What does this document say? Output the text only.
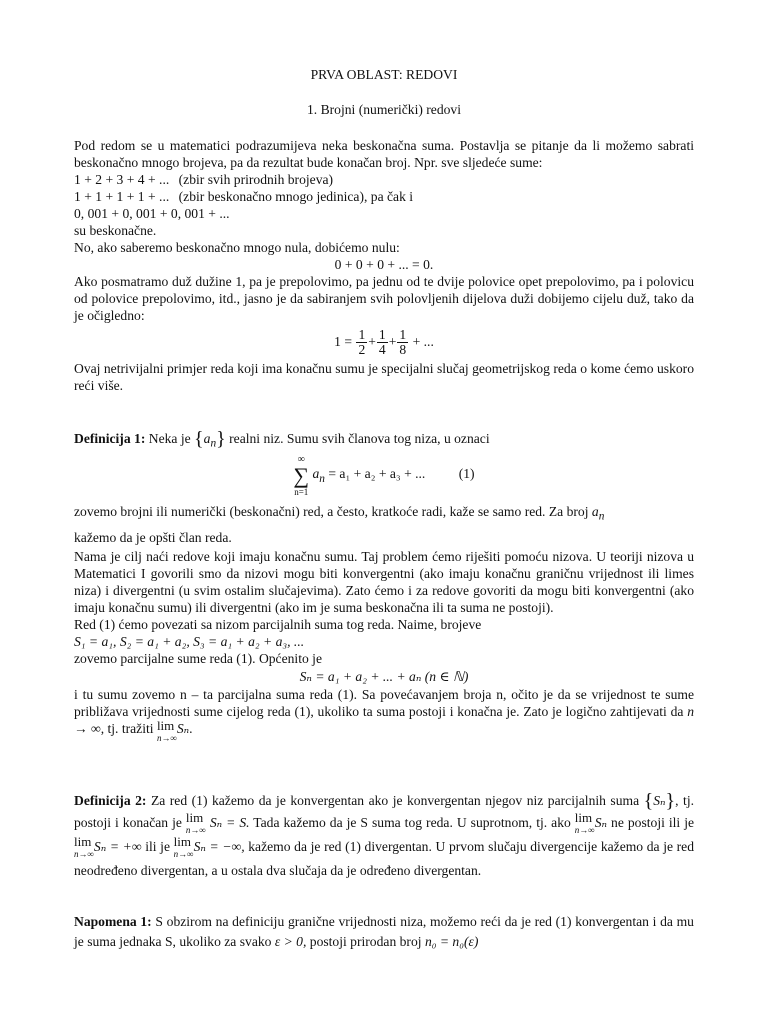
PRVA OBLAST: REDOVI
1. Brojni (numerički) redovi

Pod redom se u matematici podrazumijeva neka beskonačna suma. Postavlja se pitanje da li možemo sabrati beskonačno mnogo brojeva, pa da rezultat bude konačan broj. Npr. sve sljedeće sume:

1 + 2 + 3 + 4 + ... (zbir svih prirodnih brojeva)
1 + 1 + 1 + 1 + ... (zbir beskonačno mnogo jedinica), pa čak i
0, 001 + 0, 001 + 0, 001 + ...
su beskonačne.
No, ako saberemo beskonačno mnogo nula, dobićemo nulu:
0 + 0 + 0 + ... = 0.

Ako posmatramo duž dužine 1, pa je prepolovimo, pa jednu od te dvije polovice opet prepolovimo, pa i polovicu od polovice prepolovimo, itd., jasno je da sabiranjem svih polovljenih dijelova duži dobijemo cijelu duž, tako da je očigledno:

$1 = \frac{1}{2} + \frac{1}{4} + \frac{1}{8}$ + ...

Ovaj netrivijalni primjer reda koji ima konačnu sumu je specijalni slučaj geometrijskog reda o kome ćemo uskoro reći više.

Definicija 1: Neka je $\{a_n\}$ realni niz. Sumu svih članova tog niza, u oznaci
∞
∑
n=1
$a_n = a_1 + a_2 + a_3$ + ... (1)
zovemo brojni ili numerički (beskonačni) red, a često, kratkoće radi, kaže se samo red. Za broj $a_n$
kažemo da je opšti član reda.

Nama je cilj naći redove koji imaju konačnu sumu. Taj problem ćemo riješiti pomoću nizova. U teoriji nizova u Matematici I govorili smo da nizovi mogu biti konvergentni (ako imaju konačnu graničnu vrijednost ili limes niza) i divergentni (u svim ostalim slučajevima). Zato ćemo i za redove govoriti da mogu biti konvergentni (ako imaju konačnu sumu) ili divergentni (ako im je suma beskonačna ili ta suma ne postoji).

Red (1) ćemo povezati sa nizom parcijalnih suma tog reda. Naime, brojeve
S₁ = a₁, S₂ = a₁ + a₂, S₃ = a₁ + a₂ + a₃, ...
zovemo parcijalne sume reda (1). Općenito je
Sₙ = a₁ + a₂ + ... + aₙ (n ∈ ℕ)

i tu sumu zovemo n – ta parcijalna suma reda (1). Sa povećavanjem broja n, očito je da se vrijednost te sume približava vrijednosti sume cijelog reda (1), ukoliko ta suma postoji i konačna je. Zato je logično zahtijevati da n → ∞, tj. tražiti lim
n→∞
Sₙ.

Definicija 2: Za red (1) kažemo da je konvergentan ako je konvergentan njegov niz parcijalnih suma {Sₙ}, tj. postoji i konačan je lim
n→∞ Sₙ = S. Tada kažemo da je S suma tog reda. U suprotnom, tj. ako lim
n→∞ Sₙ ne postoji ili je
lim
n→∞ Sₙ = +∞ ili je lim
n→∞ Sₙ = −∞, kažemo da je red (1) divergentan. U prvom slučaju divergencije kažemo da je red neodređeno divergentan, a u ostala dva slučaja da je određeno divergentan.

Napomena 1: S obzirom na definiciju granične vrijednosti niza, možemo reći da je red (1) konvergentan i da mu je suma jednaka S, ukoliko za svako ε > 0, postoji prirodan broj n₀ = n₀(ε)
